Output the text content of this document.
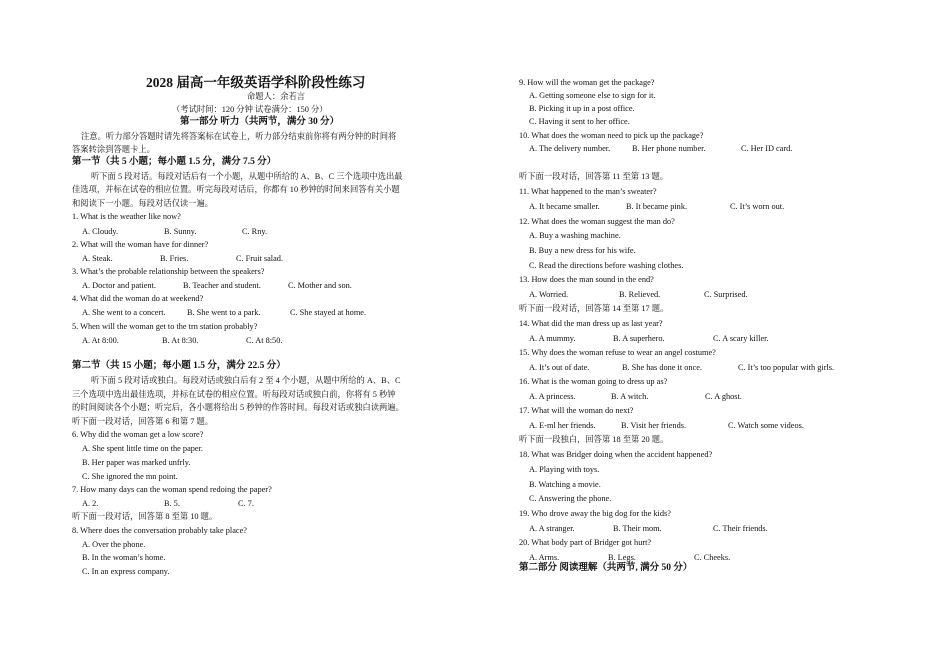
2028 届高一年级英语学科阶段性练习
命题人：余若言
（考试时间：120 分钟 试卷满分：150 分）
第一部分 听力（共两节，满分 30 分）
注意。听力部分答题时请先将答案标在试卷上，听力部分结束前你将有两分钟的时间将
答案转涂到答题卡上。
第一节（共 5 小题；每小题 1.5 分，满分 7.5 分）
听下面 5 段对话。每段对话后有一个小题，从题中所给的 A、B、C 三个选项中选出最
佳选项，并标在试卷的相应位置。听完每段对话后，你都有 10 秒钟的时间来回答有关小题
和阅读下一小题。每段对话仅读一遍。
1. What is the weather like now?
A. Cloudy.	B. Sunny.	C. Rny.
2. What will the woman have for dinner?
A. Steak.	B. Fries.	C. Fruit salad.
3. What’s the probable relationship between the speakers?
A. Doctor and patient.	B. Teacher and student.	C. Mother and son.
4. What did the woman do at weekend?
A. She went to a concert.	B. She went to a park.	C. She stayed at home.
5. When will the woman get to the trn station probably?
A. At 8:00.	B. At 8:30.	C. At 8:50.
第二节（共 15 小题；每小题 1.5 分，满分 22.5 分）
听下面 5 段对话或独白。每段对话或独白后有 2 至 4 个小题，从题中所给的 A、B、C
三个选项中选出最佳选项，并标在试卷的相应位置。听每段对话或独白前，你将有 5 秒钟
的时间阅读各个小题；听完后，各小题将给出 5 秒钟的作答时间。每段对话或独白读两遍。
听下面一段对话，回答第 6 和第 7 题。
6. Why did the woman get a low score?
A. She spent little time on the paper.
B. Her paper was marked unfrly.
C. She ignored the mn point.
7. How many days can the woman spend redoing the paper?
A. 2.	B. 5.	C. 7.
听下面一段对话，回答第 8 至第 10 题。
8. Where does the conversation probably take place?
A. Over the phone.
B. In the woman’s home.
C. In an express company.
9. How will the woman get the package?
A. Getting someone else to sign for it.
B. Picking it up in a post office.
C. Having it sent to her office.
10. What does the woman need to pick up the package?
A. The delivery number.	B. Her phone number.	C. Her ID card.
听下面一段对话，回答第 11 至第 13 题。
11. What happened to the man’s sweater?
A. It became smaller.	B. It became pink.	C. It’s worn out.
12. What does the woman suggest the man do?
A. Buy a washing machine.
B. Buy a new dress for his wife.
C. Read the directions before washing clothes.
13. How does the man sound in the end?
A. Worried.	B. Relieved.	C. Surprised.
听下面一段对话，回答第 14 至第 17 题。
14. What did the man dress up as last year?
A. A mummy.	B. A superhero.	C. A scary killer.
15. Why does the woman refuse to wear an angel costume?
A. It’s out of date.	B. She has done it once.	C. It’s too popular with girls.
16. What is the woman going to dress up as?
A. A princess.	B. A witch.	C. A ghost.
17. What will the woman do next?
A. E-ml her friends.	B. Visit her friends.	C. Watch some videos.
听下面一段独白，回答第 18 至第 20 题。
18. What was Bridger doing when the accident happened?
A. Playing with toys.
B. Watching a movie.
C. Answering the phone.
19. Who drove away the big dog for the kids?
A. A stranger.	B. Their mom.	C. Their friends.
20. What body part of Bridger got hurt?
A. Arms.	B. Legs.	C. Cheeks.
第二部分 阅读理解（共两节, 满分 50 分）
